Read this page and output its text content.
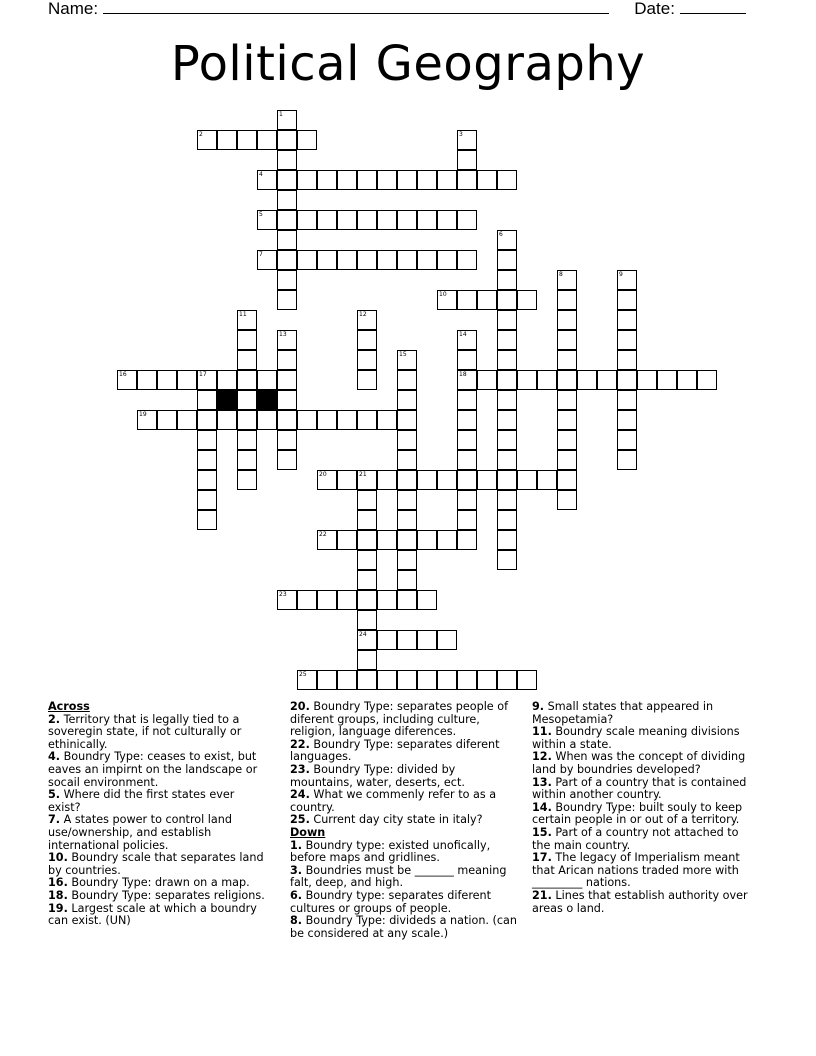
Name:	Date:
Political Geography
1
2	3
4
5
6
7
8	9
10
11	12
13	14
15
16	17	18
19
20	21
22
23
24
25
Across
2. Territory that is legally tied to a soveregin state, if not culturally or ethinically.
4. Boundry Type: ceases to exist, but eaves an impirnt on the landscape or socail environment.
5. Where did the first states ever exist?
7. A states power to control land use/ownership, and establish international policies.
10. Boundry scale that separates land by countries.
16. Boundry Type: drawn on a map.
18. Boundry Type: separates religions.
19. Largest scale at which a boundry can exist. (UN)
20. Boundry Type: separates people of diferent groups, including culture, religion, language diferences.
22. Boundry Type: separates diferent languages.
23. Boundry Type: divided by mountains, water, deserts, ect.
24. What we commenly refer to as a country.
25. Current day city state in italy?
Down
1. Boundry type: existed unofically, before maps and gridlines.
3. Boundries must be _______ meaning falt, deep, and high.
6. Boundry type: separates diferent cultures or groups of people.
8. Boundry Type: divideds a nation. (can be considered at any scale.)
9. Small states that appeared in Mesopetamia?
11. Boundry scale meaning divisions within a state.
12. When was the concept of dividing land by boundries developed?
13. Part of a country that is contained within another country.
14. Boundry Type: built souly to keep certain people in or out of a territory.
15. Part of a country not attached to the main country.
17. The legacy of Imperialism meant that Arican nations traded more with _________ nations.
21. Lines that establish authority over areas o land.
